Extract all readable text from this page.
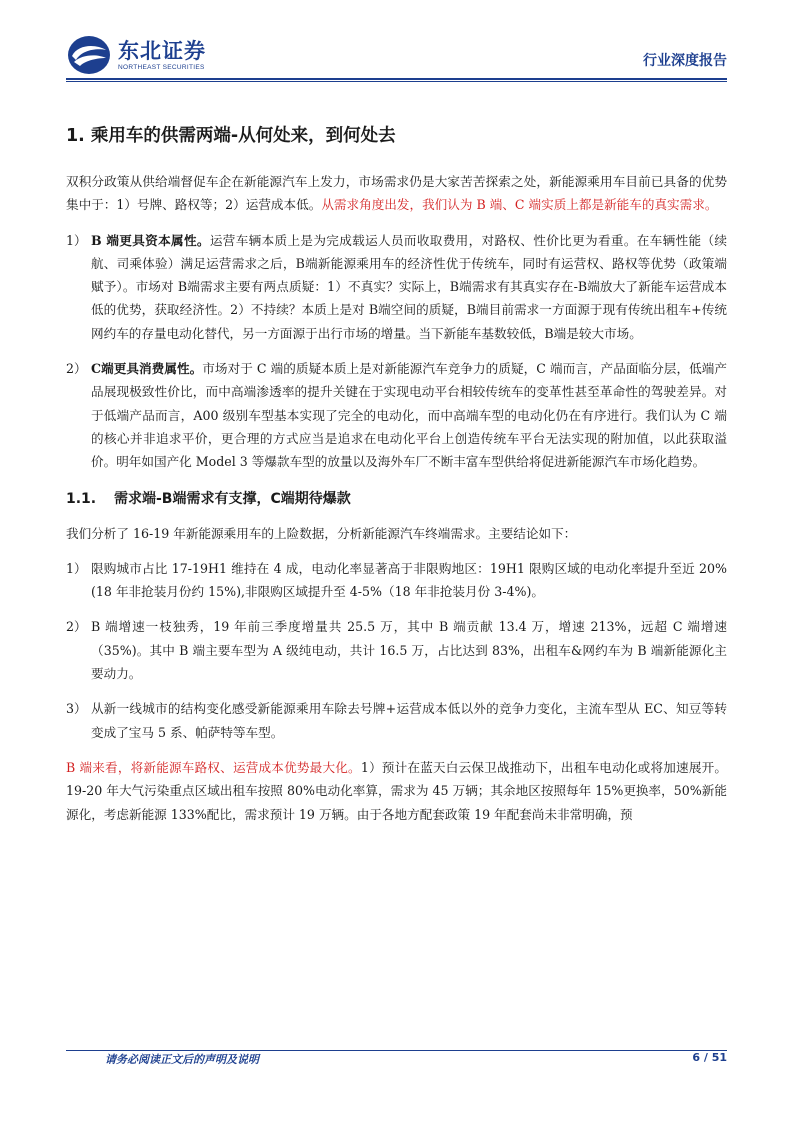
东北证券
NORTHEAST SECURITIES	行业深度报告
1. 乘用车的供需两端-从何处来，到何处去

双积分政策从供给端督促车企在新能源汽车上发力，市场需求仍是大家苦苦探索之处，新能源乘用车目前已具备的优势集中于：1）号牌、路权等；2）运营成本低。从需求角度出发，我们认为 B 端、C 端实质上都是新能车的真实需求。

1） B 端更具资本属性。运营车辆本质上是为完成载运人员而收取费用，对路权、性价比更为看重。在车辆性能（续航、司乘体验）满足运营需求之后，B端新能源乘用车的经济性优于传统车，同时有运营权、路权等优势（政策端赋予）。市场对 B端需求主要有两点质疑：1）不真实？实际上，B端需求有其真实存在-B端放大了新能车运营成本低的优势，获取经济性。2）不持续？本质上是对 B端空间的质疑，B端目前需求一方面源于现有传统出租车+传统网约车的存量电动化替代，另一方面源于出行市场的增量。当下新能车基数较低，B端是较大市场。
2） C端更具消费属性。市场对于 C 端的质疑本质上是对新能源汽车竞争力的质疑，C 端而言，产品面临分层，低端产品展现极致性价比，而中高端渗透率的提升关键在于实现电动平台相较传统车的变革性甚至革命性的驾驶差异。对于低端产品而言，A00 级别车型基本实现了完全的电动化，而中高端车型的电动化仍在有序进行。我们认为 C 端的核心并非追求平价，更合理的方式应当是追求在电动化平台上创造传统车平台无法实现的附加值，以此获取溢价。明年如国产化 Model 3 等爆款车型的放量以及海外车厂不断丰富车型供给将促进新能源汽车市场化趋势。
1.1.	需求端-B端需求有支撑，C端期待爆款

我们分析了 16-19 年新能源乘用车的上险数据，分析新能源汽车终端需求。主要结论如下：

1） 限购城市占比 17-19H1 维持在 4 成，电动化率显著高于非限购地区：19H1 限购区域的电动化率提升至近 20%(18 年非抢装月份约 15%),非限购区域提升至 4-5%（18 年非抢装月份 3-4%)。
2） B 端增速一枝独秀，19 年前三季度增量共 25.5 万，其中 B 端贡献 13.4 万，增速 213%，远超 C 端增速（35%)。其中 B 端主要车型为 A 级纯电动，共计 16.5 万，占比达到 83%，出租车&网约车为 B 端新能源化主要动力。
3） 从新一线城市的结构变化感受新能源乘用车除去号牌+运营成本低以外的竞争力变化，主流车型从 EC、知豆等转变成了宝马 5 系、帕萨特等车型。

B 端来看，将新能源车路权、运营成本优势最大化。1）预计在蓝天白云保卫战推动下，出租车电动化或将加速展开。19-20 年大气污染重点区域出租车按照 80%电动化率算，需求为 45 万辆；其余地区按照每年 15%更换率，50%新能源化，考虑新能源 133%配比，需求预计 19 万辆。由于各地方配套政策 19 年配套尚未非常明确，预

请务必阅读正文后的声明及说明	6 / 51
